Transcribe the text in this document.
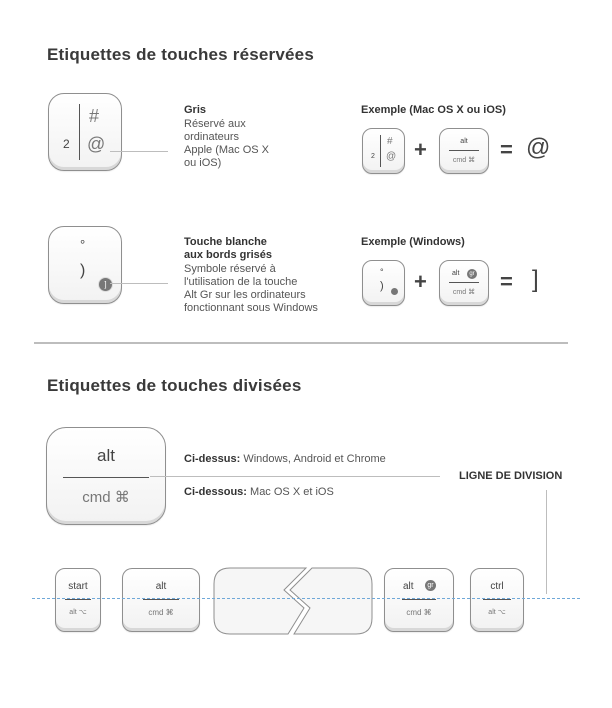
Etiquettes de touches réservées
2
#
@
Gris
Réservé aux
ordinateurs
Apple (Mac OS X
ou iOS)
Exemple (Mac OS X ou iOS)
2
#
@ +	alt
cmd ⌘	= @
°
)
]
Touche blanche
aux bords grisés
Symbole réservé à
l'utilisation de la touche
Alt Gr sur les ordinateurs
fonctionnant sous Windows
Exemple (Windows)
°
) +	alt	gr
cmd ⌘	= ]
Etiquettes de touches divisées
alt
cmd ⌘
Ci-dessus: Windows, Android et Chrome
Ci-dessous: Mac OS X et iOS
LIGNE DE DIVISION
start
alt ⌥
alt
cmd ⌘
alt	gr
cmd ⌘
ctrl
alt ⌥
